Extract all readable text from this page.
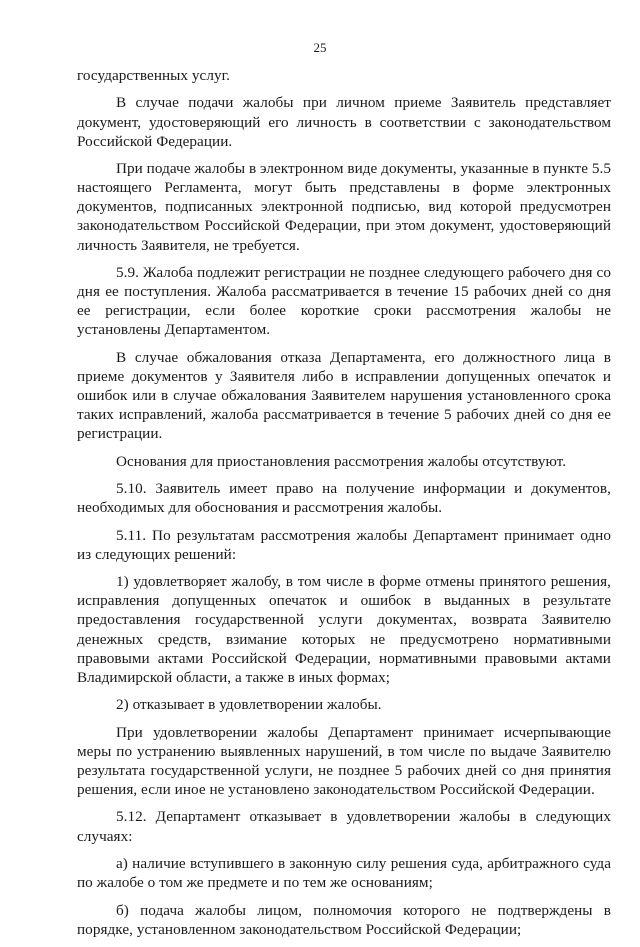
25

государственных услуг.

В случае подачи жалобы при личном приеме Заявитель представляет документ, удостоверяющий его личность в соответствии с законодательством Российской Федерации.

При подаче жалобы в электронном виде документы, указанные в пункте 5.5 настоящего Регламента, могут быть представлены в форме электронных документов, подписанных электронной подписью, вид которой предусмотрен законодательством Российской Федерации, при этом документ, удостоверяющий личность Заявителя, не требуется.

5.9. Жалоба подлежит регистрации не позднее следующего рабочего дня со дня ее поступления. Жалоба рассматривается в течение 15 рабочих дней со дня ее регистрации, если более короткие сроки рассмотрения жалобы не установлены Департаментом.

В случае обжалования отказа Департамента, его должностного лица в приеме документов у Заявителя либо в исправлении допущенных опечаток и ошибок или в случае обжалования Заявителем нарушения установленного срока таких исправлений, жалоба рассматривается в течение 5 рабочих дней со дня ее регистрации.

Основания для приостановления рассмотрения жалобы отсутствуют.

5.10. Заявитель имеет право на получение информации и документов, необходимых для обоснования и рассмотрения жалобы.

5.11. По результатам рассмотрения жалобы Департамент принимает одно из следующих решений:

1) удовлетворяет жалобу, в том числе в форме отмены принятого решения, исправления допущенных опечаток и ошибок в выданных в результате предоставления государственной услуги документах, возврата Заявителю денежных средств, взимание которых не предусмотрено нормативными правовыми актами Российской Федерации, нормативными правовыми актами Владимирской области, а также в иных формах;

2) отказывает в удовлетворении жалобы.

При удовлетворении жалобы Департамент принимает исчерпывающие меры по устранению выявленных нарушений, в том числе по выдаче Заявителю результата государственной услуги, не позднее 5 рабочих дней со дня принятия решения, если иное не установлено законодательством Российской Федерации.

5.12. Департамент отказывает в удовлетворении жалобы в следующих случаях:

а) наличие вступившего в законную силу решения суда, арбитражного суда по жалобе о том же предмете и по тем же основаниям;

б) подача жалобы лицом, полномочия которого не подтверждены в порядке, установленном законодательством Российской Федерации;
